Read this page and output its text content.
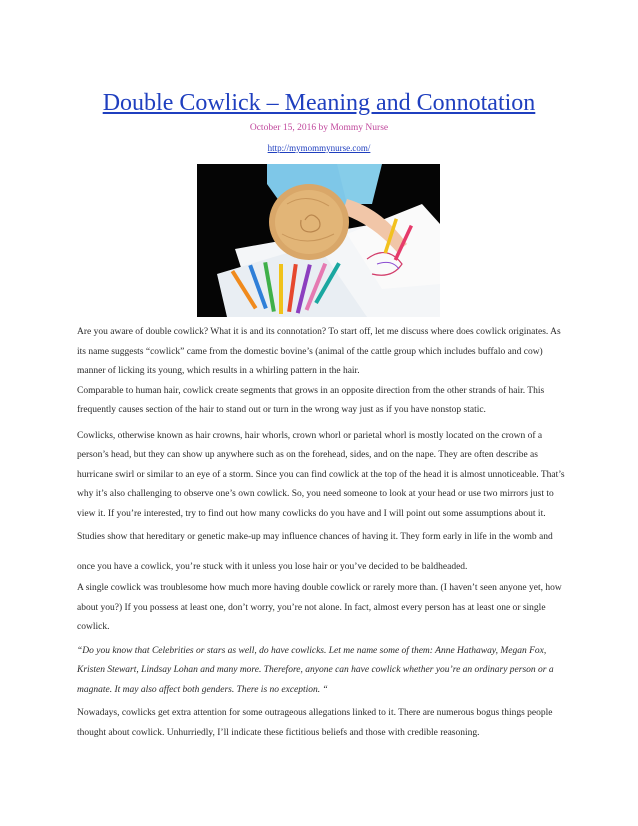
Double Cowlick – Meaning and Connotation
October 15, 2016 by Mommy Nurse
http://mymommynurse.com/

Are you aware of double cowlick? What it is and its connotation? To start off, let me discuss where does cowlick originates. As its name suggests “cowlick” came from the domestic bovine’s (animal of the cattle group which includes buffalo and cow) manner of licking its young, which results in a whirling pattern in the hair.

Comparable to human hair, cowlick create segments that grows in an opposite direction from the other strands of hair. This frequently causes section of the hair to stand out or turn in the wrong way just as if you have nonstop static.

Cowlicks, otherwise known as hair crowns, hair whorls, crown whorl or parietal whorl is mostly located on the crown of a person’s head, but they can show up anywhere such as on the forehead, sides, and on the nape. They are often describe as hurricane swirl or similar to an eye of a storm. Since you can find cowlick at the top of the head it is almost unnoticeable. That’s why it’s also challenging to observe one’s own cowlick. So, you need someone to look at your head or use two mirrors just to view it. If you’re interested, try to find out how many cowlicks do you have and I will point out some assumptions about it.

Studies show that hereditary or genetic make-up may influence chances of having it. They form early in life in the womb and

once you have a cowlick, you’re stuck with it unless you lose hair or you’ve decided to be baldheaded.

A single cowlick was troublesome how much more having double cowlick or rarely more than. (I haven’t seen anyone yet, how about you?) If you possess at least one, don’t worry, you’re not alone. In fact, almost every person has at least one or single cowlick.

“Do you know that Celebrities or stars as well, do have cowlicks. Let me name some of them: Anne Hathaway, Megan Fox, Kristen Stewart, Lindsay Lohan and many more. Therefore, anyone can have cowlick whether you’re an ordinary person or a magnate. It may also affect both genders. There is no exception. “

Nowadays, cowlicks get extra attention for some outrageous allegations linked to it. There are numerous bogus things people thought about cowlick. Unhurriedly, I’ll indicate these fictitious beliefs and those with credible reasoning.
